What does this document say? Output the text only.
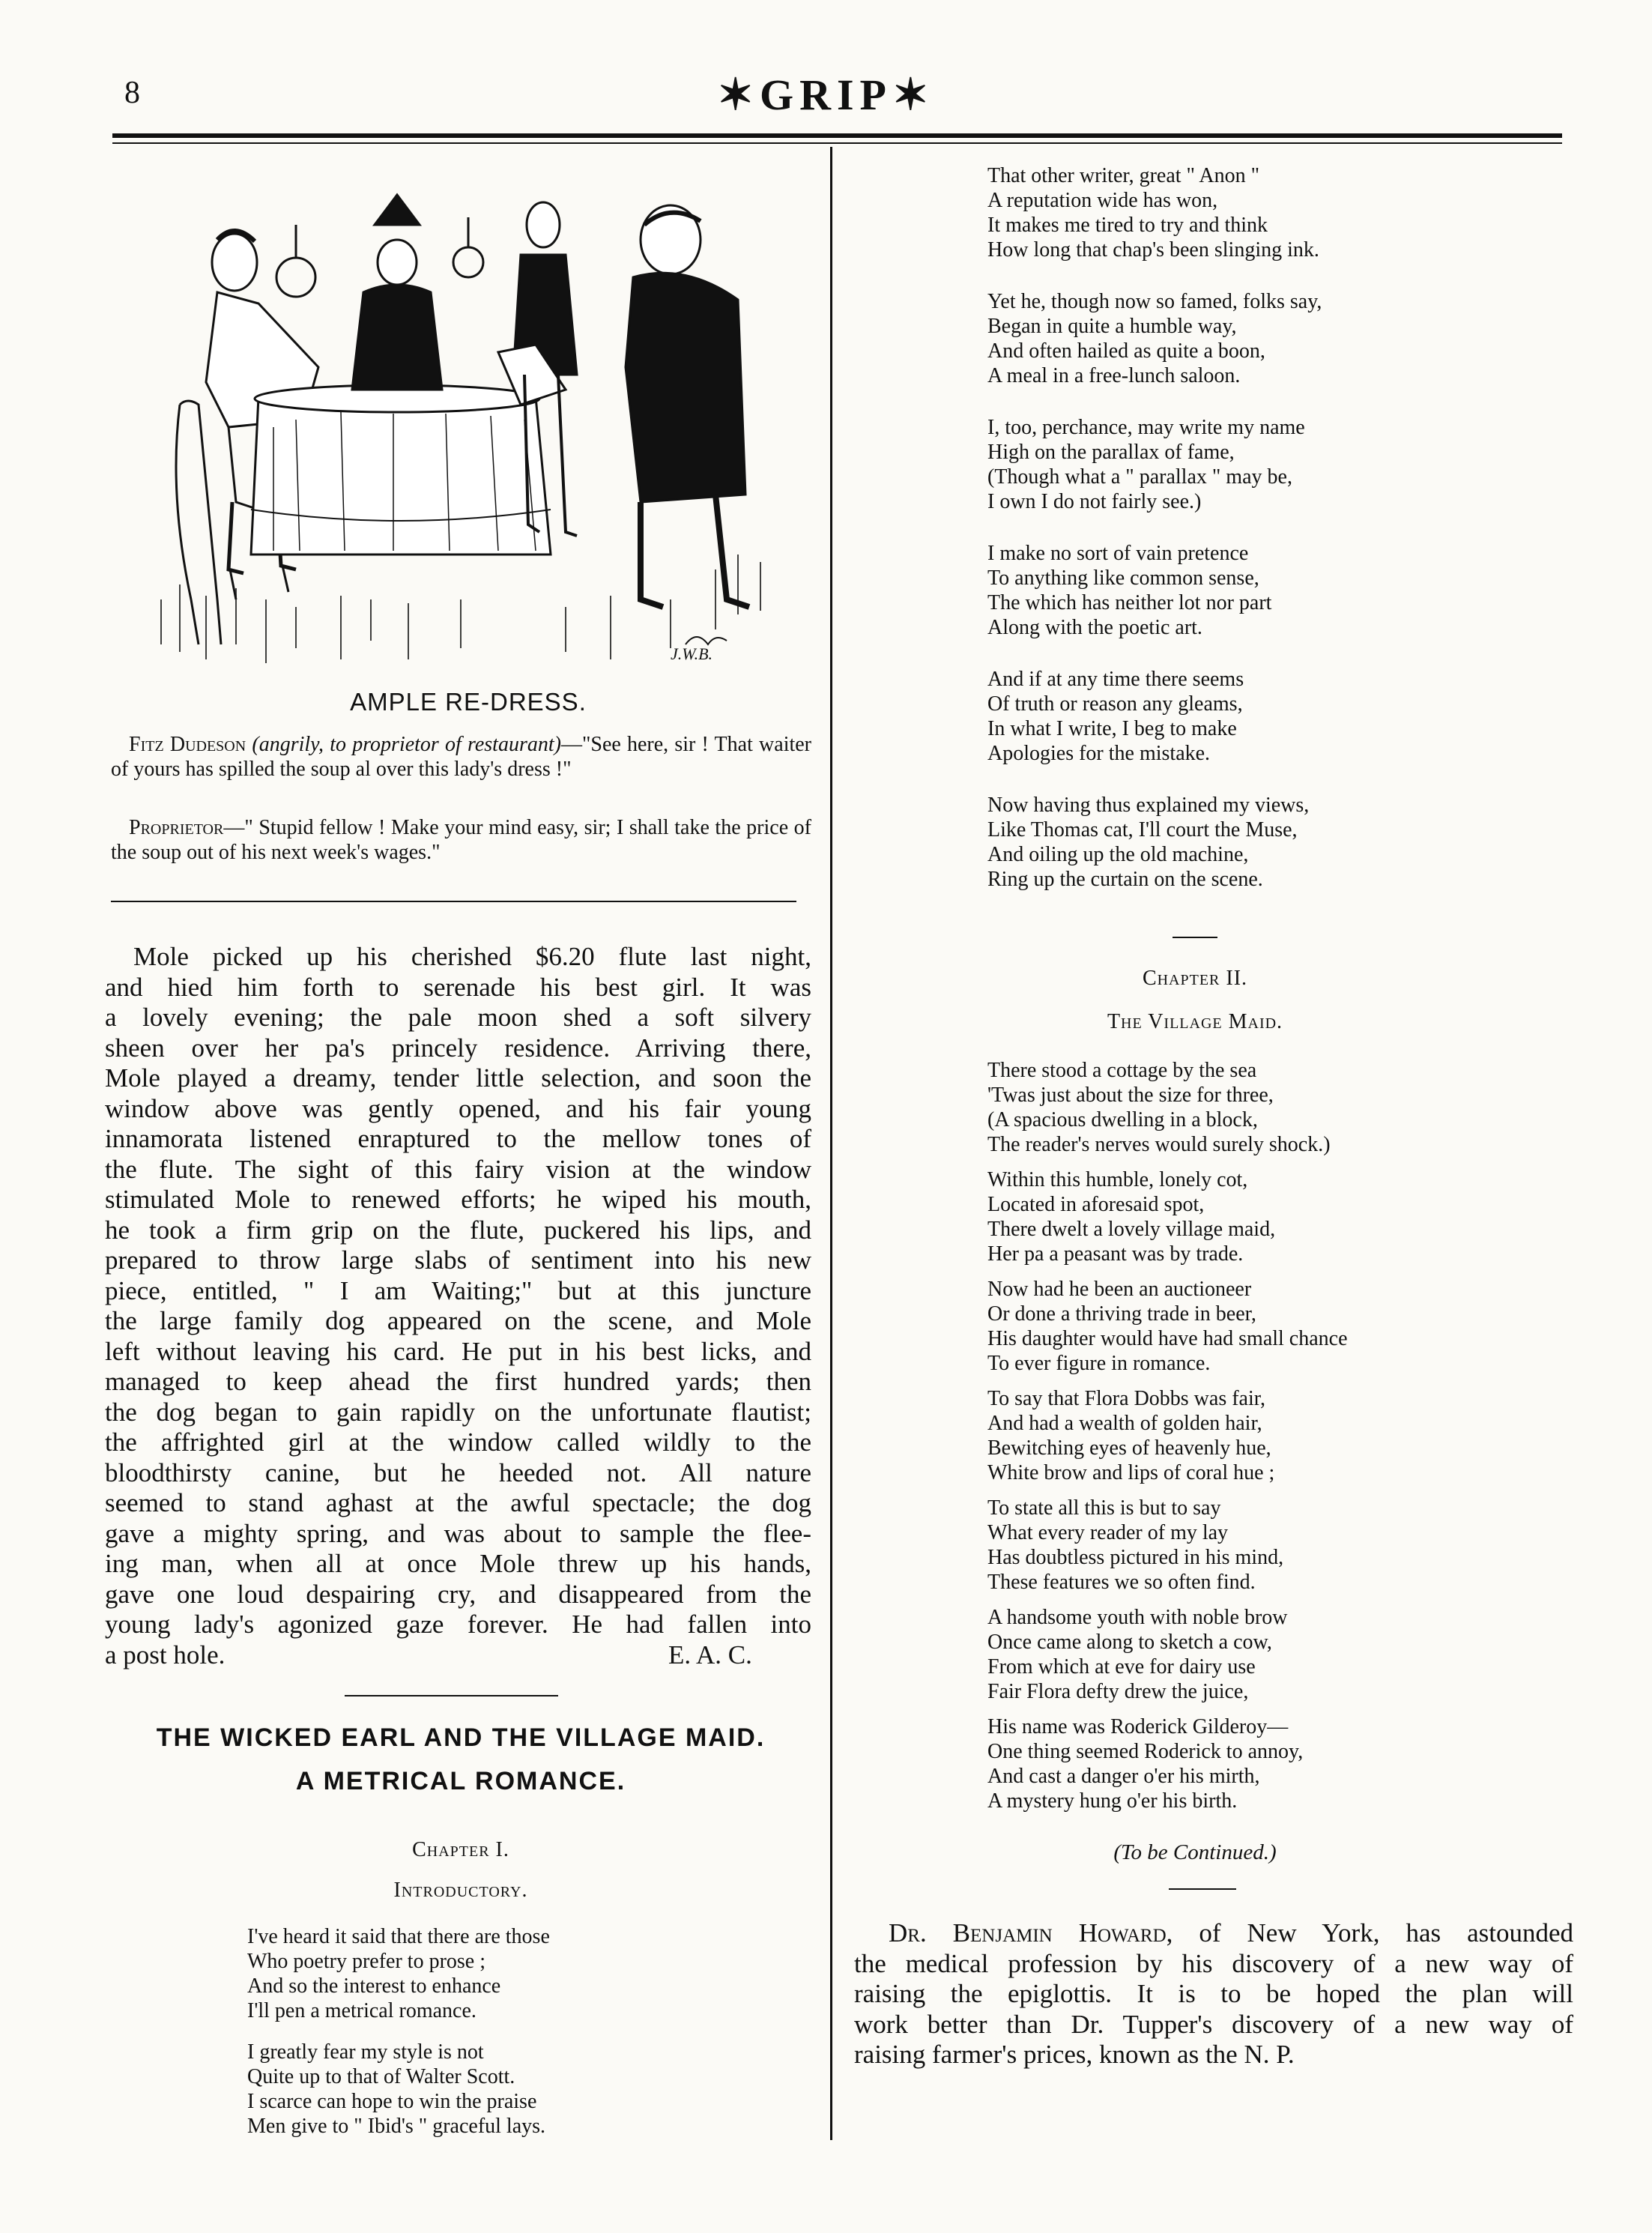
8	✶GRIP✶
J.W.B.
AMPLE RE-DRESS.
Fitz Dudeson (angrily, to proprietor of restaurant)—"See here, sir ! That waiter of yours has spilled the soup al over this lady's dress !"
Proprietor—" Stupid fellow ! Make your mind easy, sir; I shall take the price of the soup out of his next week's wages."
Mole picked up his cherished $6.20 flute last night,
and hied him forth to serenade his best girl. It was
a lovely evening; the pale moon shed a soft silvery
sheen over her pa's princely residence. Arriving there,
Mole played a dreamy, tender little selection, and soon the
window above was gently opened, and his fair young
innamorata listened enraptured to the mellow tones of
the flute. The sight of this fairy vision at the window
stimulated Mole to renewed efforts; he wiped his mouth,
he took a firm grip on the flute, puckered his lips, and
prepared to throw large slabs of sentiment into his new
piece, entitled, " I am Waiting;" but at this juncture
the large family dog appeared on the scene, and Mole
left without leaving his card. He put in his best licks, and
managed to keep ahead the first hundred yards; then
the dog began to gain rapidly on the unfortunate flautist;
the affrighted girl at the window called wildly to the
bloodthirsty canine, but he heeded not. All nature
seemed to stand aghast at the awful spectacle; the dog
gave a mighty spring, and was about to sample the flee-
ing man, when all at once Mole threw up his hands,
gave one loud despairing cry, and disappeared from the
young lady's agonized gaze forever. He had fallen into
a post hole.	E. A. C.
THE WICKED EARL AND THE VILLAGE MAID.
A METRICAL ROMANCE.
Chapter I.
Introductory.
I've heard it said that there are those
Who poetry prefer to prose ;
And so the interest to enhance
I'll pen a metrical romance.
I greatly fear my style is not
Quite up to that of Walter Scott.
I scarce can hope to win the praise
Men give to " Ibid's " graceful lays.
That other writer, great " Anon "
A reputation wide has won,
It makes me tired to try and think
How long that chap's been slinging ink.
Yet he, though now so famed, folks say,
Began in quite a humble way,
And often hailed as quite a boon,
A meal in a free-lunch saloon.
I, too, perchance, may write my name
High on the parallax of fame,
(Though what a " parallax " may be,
I own I do not fairly see.)
I make no sort of vain pretence
To anything like common sense,
The which has neither lot nor part
Along with the poetic art.
And if at any time there seems
Of truth or reason any gleams,
In what I write, I beg to make
Apologies for the mistake.
Now having thus explained my views,
Like Thomas cat, I'll court the Muse,
And oiling up the old machine,
Ring up the curtain on the scene.
Chapter II.
The Village Maid.
There stood a cottage by the sea
'Twas just about the size for three,
(A spacious dwelling in a block,
The reader's nerves would surely shock.)
Within this humble, lonely cot,
Located in aforesaid spot,
There dwelt a lovely village maid,
Her pa a peasant was by trade.
Now had he been an auctioneer
Or done a thriving trade in beer,
His daughter would have had small chance
To ever figure in romance.
To say that Flora Dobbs was fair,
And had a wealth of golden hair,
Bewitching eyes of heavenly hue,
White brow and lips of coral hue ;
To state all this is but to say
What every reader of my lay
Has doubtless pictured in his mind,
These features we so often find.
A handsome youth with noble brow
Once came along to sketch a cow,
From which at eve for dairy use
Fair Flora defty drew the juice,
His name was Roderick Gilderoy—
One thing seemed Roderick to annoy,
And cast a danger o'er his mirth,
A mystery hung o'er his birth.
(To be Continued.)
Dr. Benjamin Howard, of New York, has astounded
the medical profession by his discovery of a new way of
raising the epiglottis. It is to be hoped the plan will
work better than Dr. Tupper's discovery of a new way of
raising farmer's prices, known as the N. P.
